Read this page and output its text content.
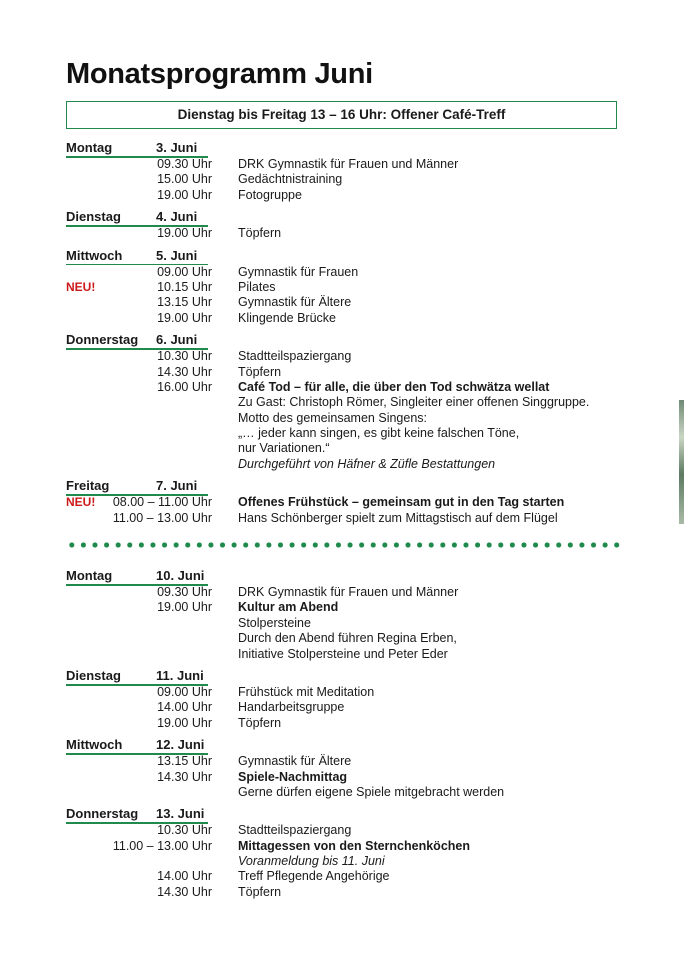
Monatsprogramm Juni
Dienstag bis Freitag 13 – 16 Uhr: Offener Café-Treff
Montag	3. Juni
09.30 Uhr DRK Gymnastik für Frauen und Männer
15.00 Uhr Gedächtnistraining
19.00 Uhr Fotogruppe
Dienstag	4. Juni
19.00 Uhr Töpfern
Mittwoch	5. Juni
09.00 Uhr Gymnastik für Frauen
NEU!	10.15 Uhr Pilates
13.15 Uhr Gymnastik für Ältere
19.00 Uhr Klingende Brücke
Donnerstag 6. Juni
10.30 Uhr Stadtteilspaziergang
14.30 Uhr Töpfern
16.00 Uhr Café Tod – für alle, die über den Tod schwätza wellat
Zu Gast: Christoph Römer, Singleiter einer offenen Singgruppe.
Motto des gemeinsamen Singens:
„… jeder kann singen, es gibt keine falschen Töne,
nur Variationen.“
Durchgeführt von Häfner & Züfle Bestattungen
Freitag	7. Juni
NEU!	08.00 – 11.00 Uhr Offenes Frühstück – gemeinsam gut in den Tag starten
11.00 – 13.00 Uhr Hans Schönberger spielt zum Mittagstisch auf dem Flügel
Montag	10. Juni
09.30 Uhr DRK Gymnastik für Frauen und Männer
19.00 Uhr Kultur am Abend
Stolpersteine
Durch den Abend führen Regina Erben,
Initiative Stolpersteine und Peter Eder
Dienstag	11. Juni
09.00 Uhr Frühstück mit Meditation
14.00 Uhr Handarbeitsgruppe
19.00 Uhr Töpfern
Mittwoch	12. Juni
13.15 Uhr Gymnastik für Ältere
14.30 Uhr Spiele-Nachmittag
Gerne dürfen eigene Spiele mitgebracht werden
Donnerstag 13. Juni
10.30 Uhr Stadtteilspaziergang
11.00 – 13.00 Uhr Mittagessen von den Sternchenköchen
Voranmeldung bis 11. Juni
14.00 Uhr Treff Pflegende Angehörige
14.30 Uhr Töpfern
